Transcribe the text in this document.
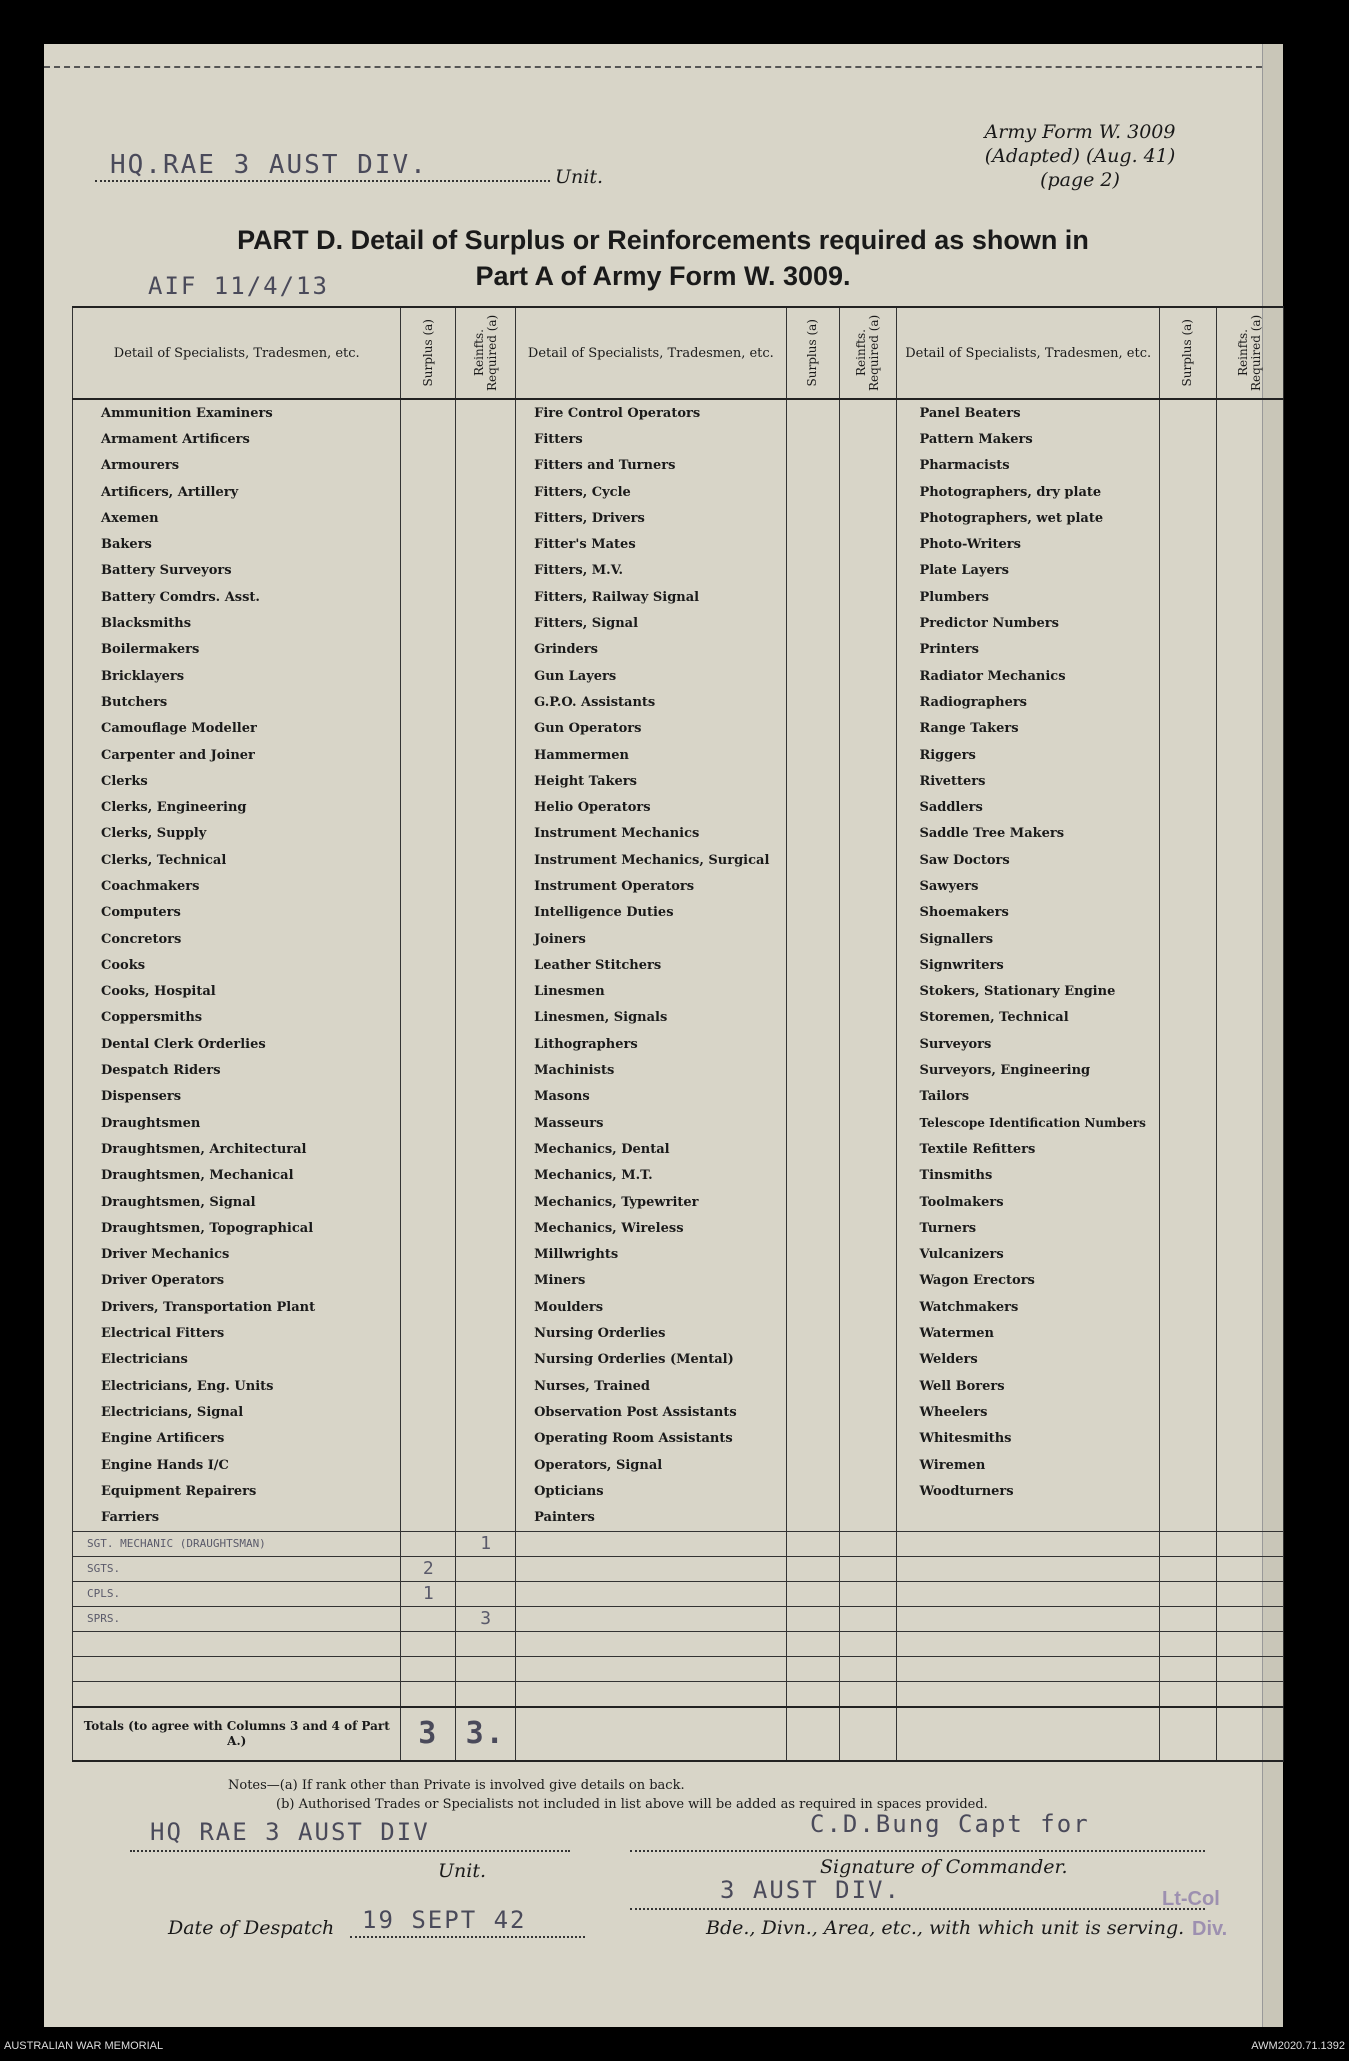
Army Form W. 3009
(Adapted) (Aug. 41)
(page 2)
HQ.RAE 3 AUST DIV.	Unit.
PART D. Detail of Surplus or Reinforcements required as shown in
Part A of Army Form W. 3009.
AIF 11/4/13
Detail of Specialists, Tradesmen, etc.	Surplus (a)	Reinfts. Required (a)	Detail of Specialists, Tradesmen, etc.	Surplus (a)	Reinfts. Required (a)	Detail of Specialists, Tradesmen, etc.	Surplus (a)	Reinfts. Required (a)

Ammunition Examiners			Fire Control Operators			Panel Beaters		
Armament Artificers			Fitters			Pattern Makers		
Armourers			Fitters and Turners			Pharmacists		
Artificers, Artillery			Fitters, Cycle			Photographers, dry plate		
Axemen			Fitters, Drivers			Photographers, wet plate		
Bakers			Fitter's Mates			Photo-Writers		
Battery Surveyors			Fitters, M.V.			Plate Layers		
Battery Comdrs. Asst.			Fitters, Railway Signal			Plumbers		
Blacksmiths			Fitters, Signal			Predictor Numbers		
Boilermakers			Grinders			Printers		
Bricklayers			Gun Layers			Radiator Mechanics		
Butchers			G.P.O. Assistants			Radiographers		
Camouflage Modeller			Gun Operators			Range Takers		
Carpenter and Joiner			Hammermen			Riggers		
Clerks			Height Takers			Rivetters		
Clerks, Engineering			Helio Operators			Saddlers		
Clerks, Supply			Instrument Mechanics			Saddle Tree Makers		
Clerks, Technical			Instrument Mechanics, Surgical			Saw Doctors		
Coachmakers			Instrument Operators			Sawyers		
Computers			Intelligence Duties			Shoemakers		
Concretors			Joiners			Signallers		
Cooks			Leather Stitchers			Signwriters		
Cooks, Hospital			Linesmen			Stokers, Stationary Engine		
Coppersmiths			Linesmen, Signals			Storemen, Technical		
Dental Clerk Orderlies			Lithographers			Surveyors		
Despatch Riders			Machinists			Surveyors, Engineering		
Dispensers			Masons			Tailors		
Draughtsmen			Masseurs			Telescope Identification Numbers		
Draughtsmen, Architectural			Mechanics, Dental			Textile Refitters		
Draughtsmen, Mechanical			Mechanics, M.T.			Tinsmiths		
Draughtsmen, Signal			Mechanics, Typewriter			Toolmakers		
Draughtsmen, Topographical			Mechanics, Wireless			Turners		
Driver Mechanics			Millwrights			Vulcanizers		
Driver Operators			Miners			Wagon Erectors		
Drivers, Transportation Plant			Moulders			Watchmakers		
Electrical Fitters			Nursing Orderlies			Watermen		
Electricians			Nursing Orderlies (Mental)			Welders		
Electricians, Eng. Units			Nurses, Trained			Well Borers		
Electricians, Signal			Observation Post Assistants			Wheelers		
Engine Artificers			Operating Room Assistants			Whitesmiths		
Engine Hands I/C			Operators, Signal			Wiremen		
Equipment Repairers			Opticians			Woodturners		
Farriers			Painters					
SGT. MECHANIC (DRAUGHTSMAN)		1						
SGTS.	2							
CPLS.	1							
SPRS.		3						

Totals (to agree with Columns 3 and 4 of Part A.)	3	3.						
Notes—(a) If rank other than Private is involved give details on back.
(b) Authorised Trades or Specialists not included in list above will be added as required in spaces provided.
HQ RAE 3 AUST DIV
Unit.
C.D.Bung Capt for
Signature of Commander.
Date of Despatch 19 SEPT 42
3 AUST DIV.
Bde., Divn., Area, etc., with which unit is serving.
Lt-Col
Div.
AUSTRALIAN WAR MEMORIAL	AWM2020.71.1392
